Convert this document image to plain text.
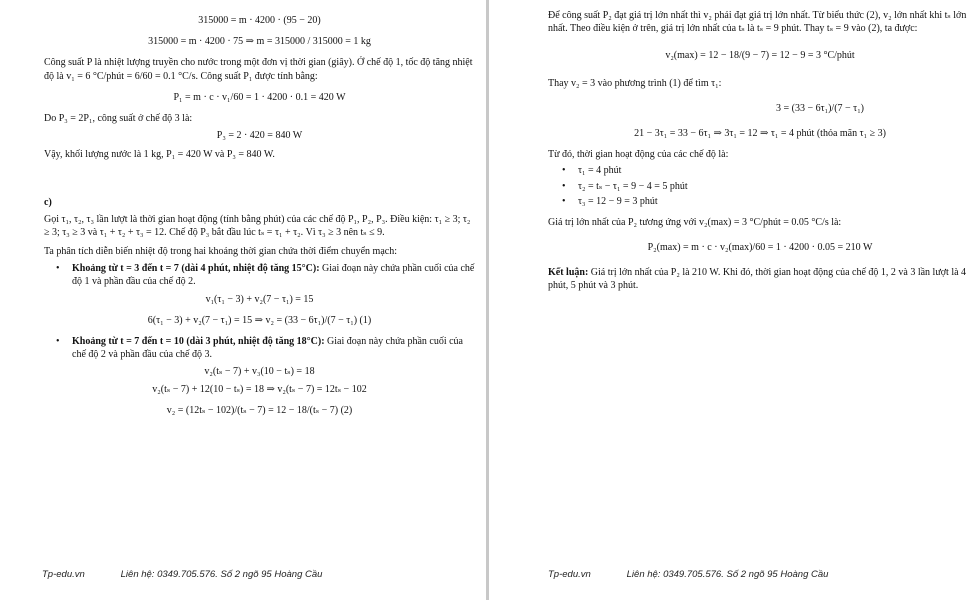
315000 = m · 4200 · (95 − 20)
315000 = m · 4200 · 75 ⇒ m = 315000 / 315000 = 1 kg
Công suất P là nhiệt lượng truyền cho nước trong một đơn vị thời gian (giây). Ở chế độ 1, tốc độ tăng nhiệt độ là v₁ = 6 °C/phút = 6/60 = 0.1 °C/s. Công suất P₁ được tính bằng:
P₁ = m · c · v₁/60 = 1 · 4200 · 0.1 = 420 W
Do P₃ = 2P₁, công suất ở chế độ 3 là:
P₃ = 2 · 420 = 840 W
Vậy, khối lượng nước là 1 kg, P₁ = 420 W và P₃ = 840 W.
c)
Gọi τ₁, τ₂, τ₃ lần lượt là thời gian hoạt động (tính bằng phút) của các chế độ P₁, P₂, P₃. Điều kiện: τ₁ ≥ 3; τ₂ ≥ 3; τ₃ ≥ 3 và τ₁ + τ₂ + τ₃ = 12. Chế độ P₃ bắt đầu lúc tₛ = τ₁ + τ₂. Vì τ₃ ≥ 3 nên tₛ ≤ 9.
Ta phân tích diễn biến nhiệt độ trong hai khoảng thời gian chứa thời điểm chuyển mạch:
•	Khoảng từ t = 3 đến t = 7 (dài 4 phút, nhiệt độ tăng 15°C): Giai đoạn này chứa phần cuối của chế độ 1 và phần đầu của chế độ 2.
v₁(τ₁ − 3) + v₂(7 − τ₁) = 15
6(τ₁ − 3) + v₂(7 − τ₁) = 15 ⇒ v₂ = (33 − 6τ₁)/(7 − τ₁) (1)
•	Khoảng từ t = 7 đến t = 10 (dài 3 phút, nhiệt độ tăng 18°C): Giai đoạn này chứa phần cuối của chế độ 2 và phần đầu của chế độ 3.
v₂(tₛ − 7) + v₃(10 − tₛ) = 18
v₂(tₛ − 7) + 12(10 − tₛ) = 18 ⇒ v₂(tₛ − 7) = 12tₛ − 102
v₂ = (12tₛ − 102)/(tₛ − 7) = 12 − 18/(tₛ − 7) (2)
Tp-edu.vn	Liên hệ: 0349.705.576. Số 2 ngõ 95 Hoàng Cầu
Để công suất P₂ đạt giá trị lớn nhất thì v₂ phải đạt giá trị lớn nhất. Từ biểu thức (2), v₂ lớn nhất khi tₛ lớn nhất. Theo điều kiện ở trên, giá trị lớn nhất của tₛ là tₛ = 9 phút. Thay tₛ = 9 vào (2), ta được:
v₂(max) = 12 − 18/(9 − 7) = 12 − 9 = 3 °C/phút
Thay v₂ = 3 vào phương trình (1) để tìm τ₁:
3 = (33 − 6τ₁)/(7 − τ₁)
21 − 3τ₁ = 33 − 6τ₁ ⇒ 3τ₁ = 12 ⇒ τ₁ = 4 phút (thỏa mãn τ₁ ≥ 3)
Từ đó, thời gian hoạt động của các chế độ là:
•	τ₁ = 4 phút
•	τ₂ = tₛ − τ₁ = 9 − 4 = 5 phút
•	τ₃ = 12 − 9 = 3 phút
Giá trị lớn nhất của P₂ tương ứng với v₂(max) = 3 °C/phút = 0.05 °C/s là:
P₂(max) = m · c · v₂(max)/60 = 1 · 4200 · 0.05 = 210 W
Kết luận: Giá trị lớn nhất của P₂ là 210 W. Khi đó, thời gian hoạt động của chế độ 1, 2 và 3 lần lượt là 4 phút, 5 phút và 3 phút.
Tp-edu.vn	Liên hệ: 0349.705.576. Số 2 ngõ 95 Hoàng Cầu
